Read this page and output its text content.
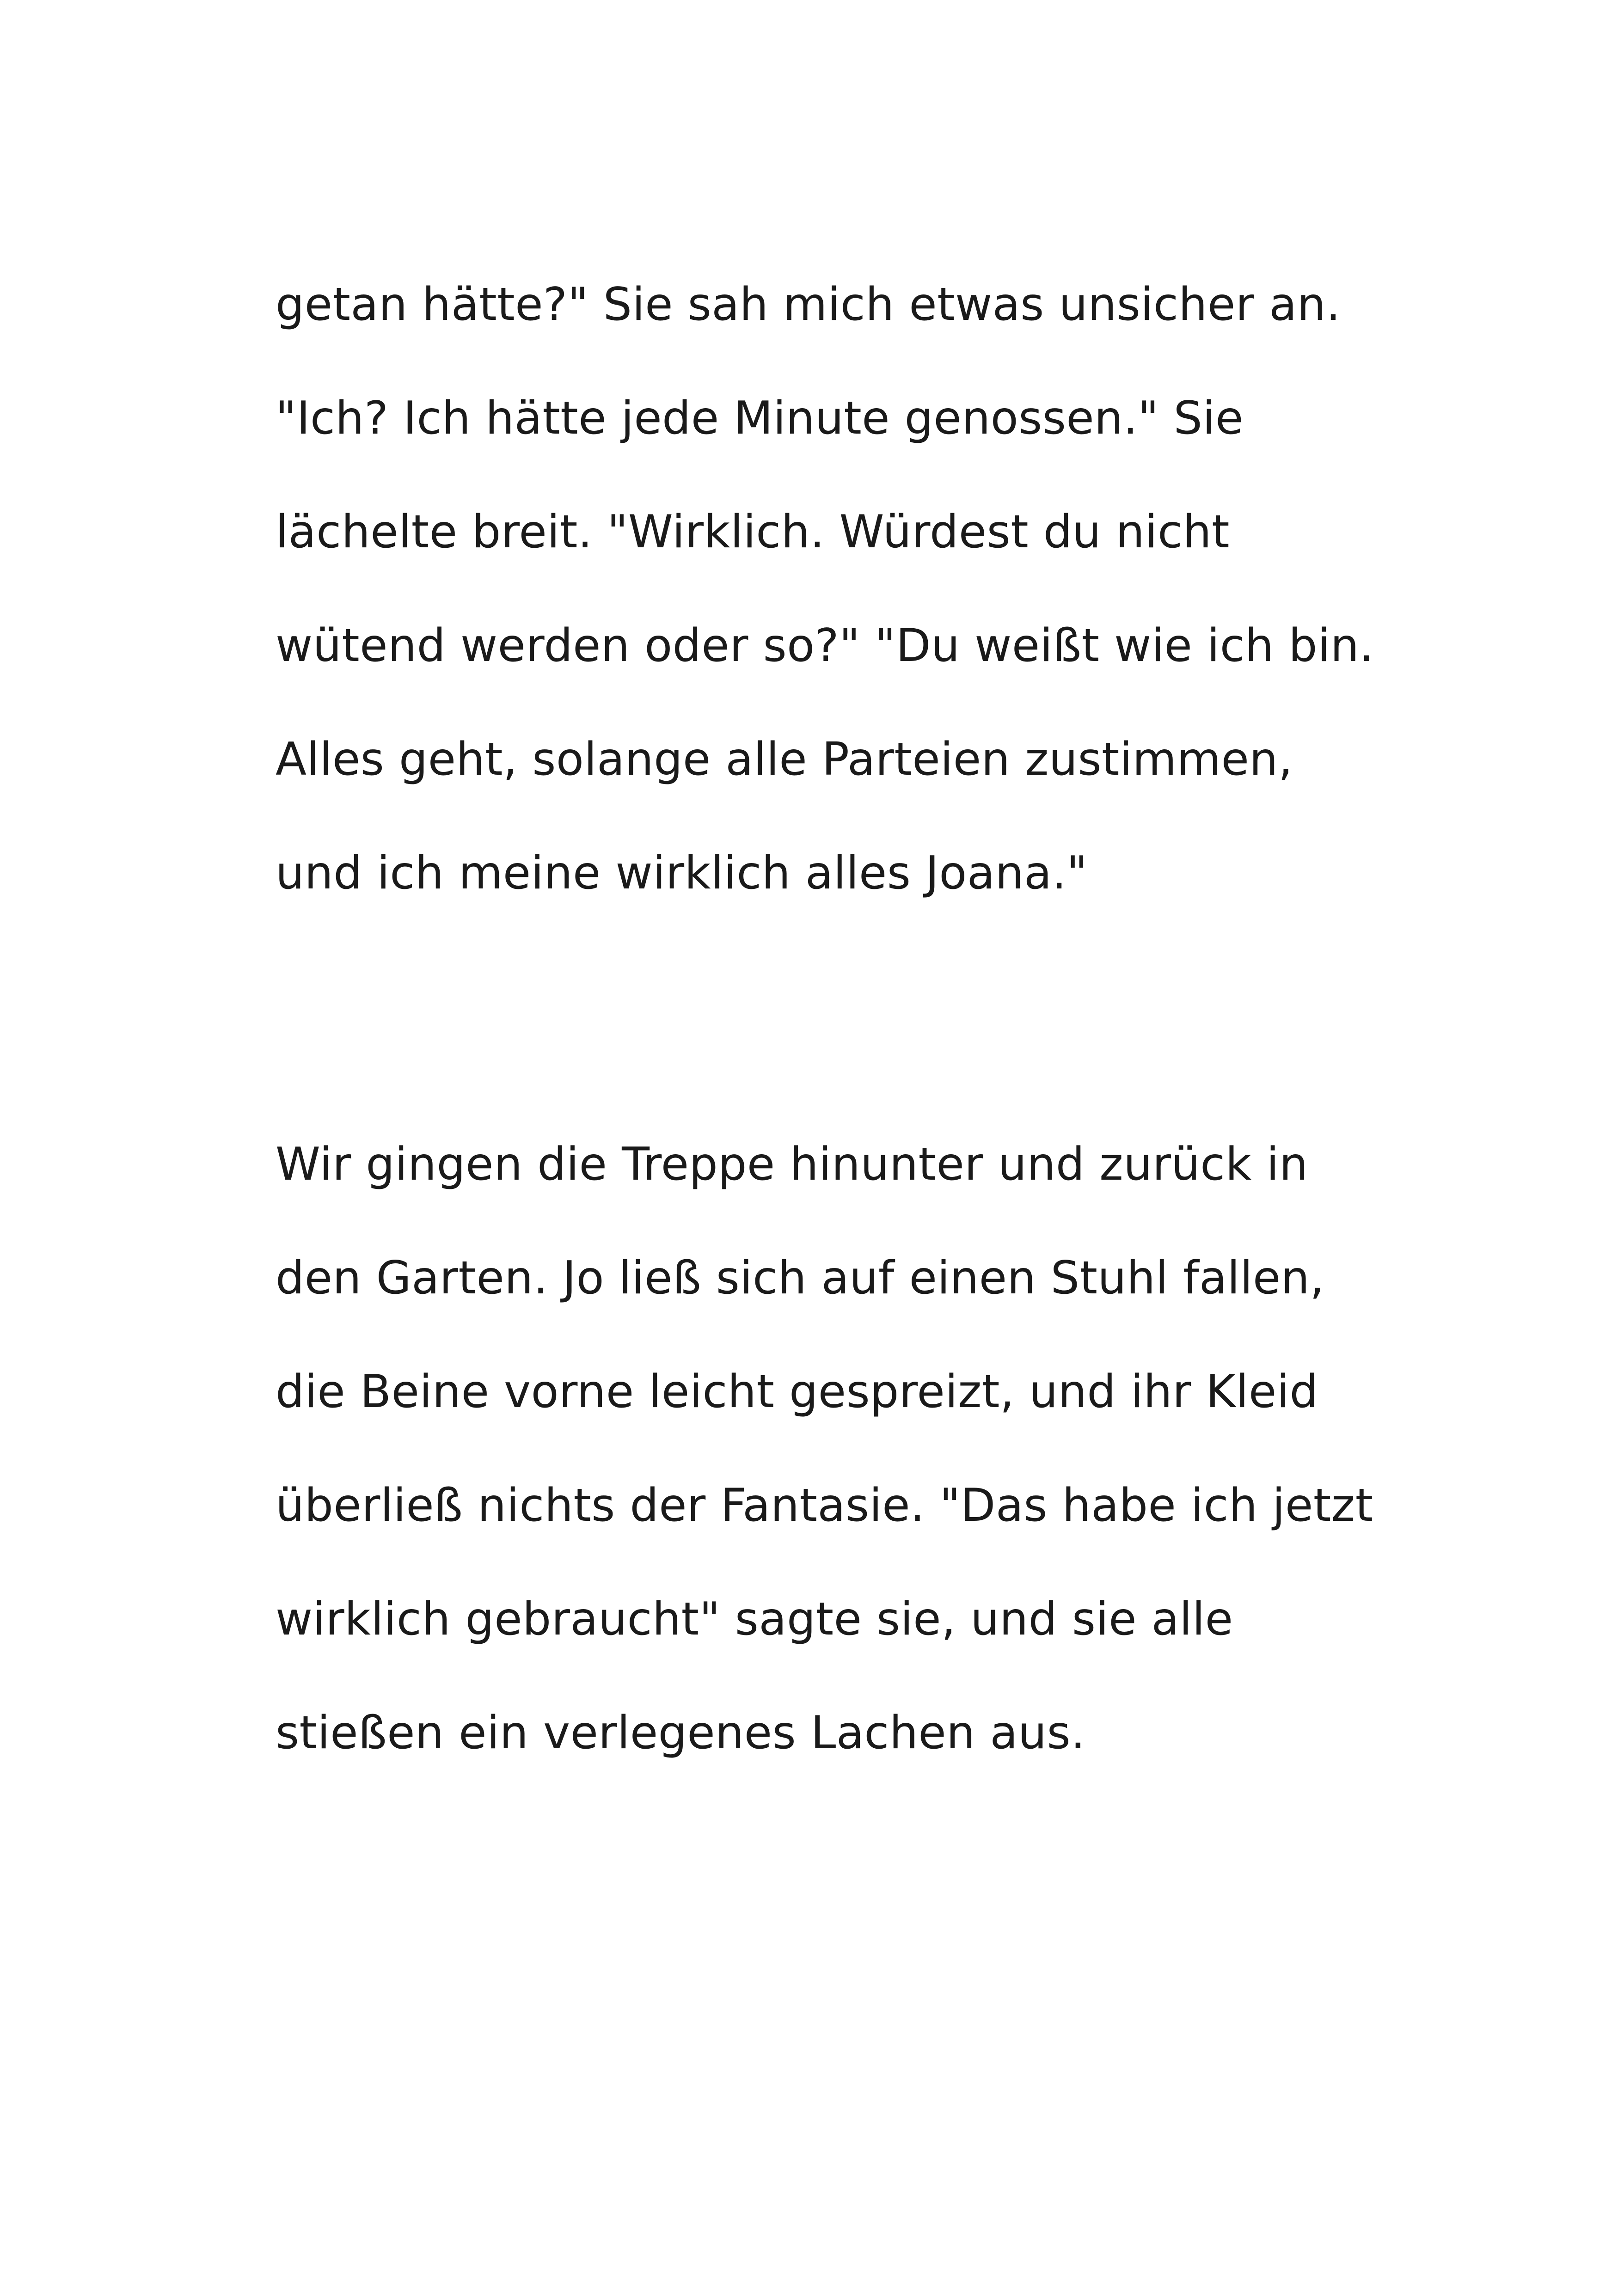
getan hätte?" Sie sah mich etwas unsicher an.
"Ich? Ich hätte jede Minute genossen." Sie
lächelte breit. "Wirklich. Würdest du nicht
wütend werden oder so?" "Du weißt wie ich bin.
Alles geht, solange alle Parteien zustimmen,
und ich meine wirklich alles Joana."
Wir gingen die Treppe hinunter und zurück in
den Garten. Jo ließ sich auf einen Stuhl fallen,
die Beine vorne leicht gespreizt, und ihr Kleid
überließ nichts der Fantasie. "Das habe ich jetzt
wirklich gebraucht" sagte sie, und sie alle
stießen ein verlegenes Lachen aus.
